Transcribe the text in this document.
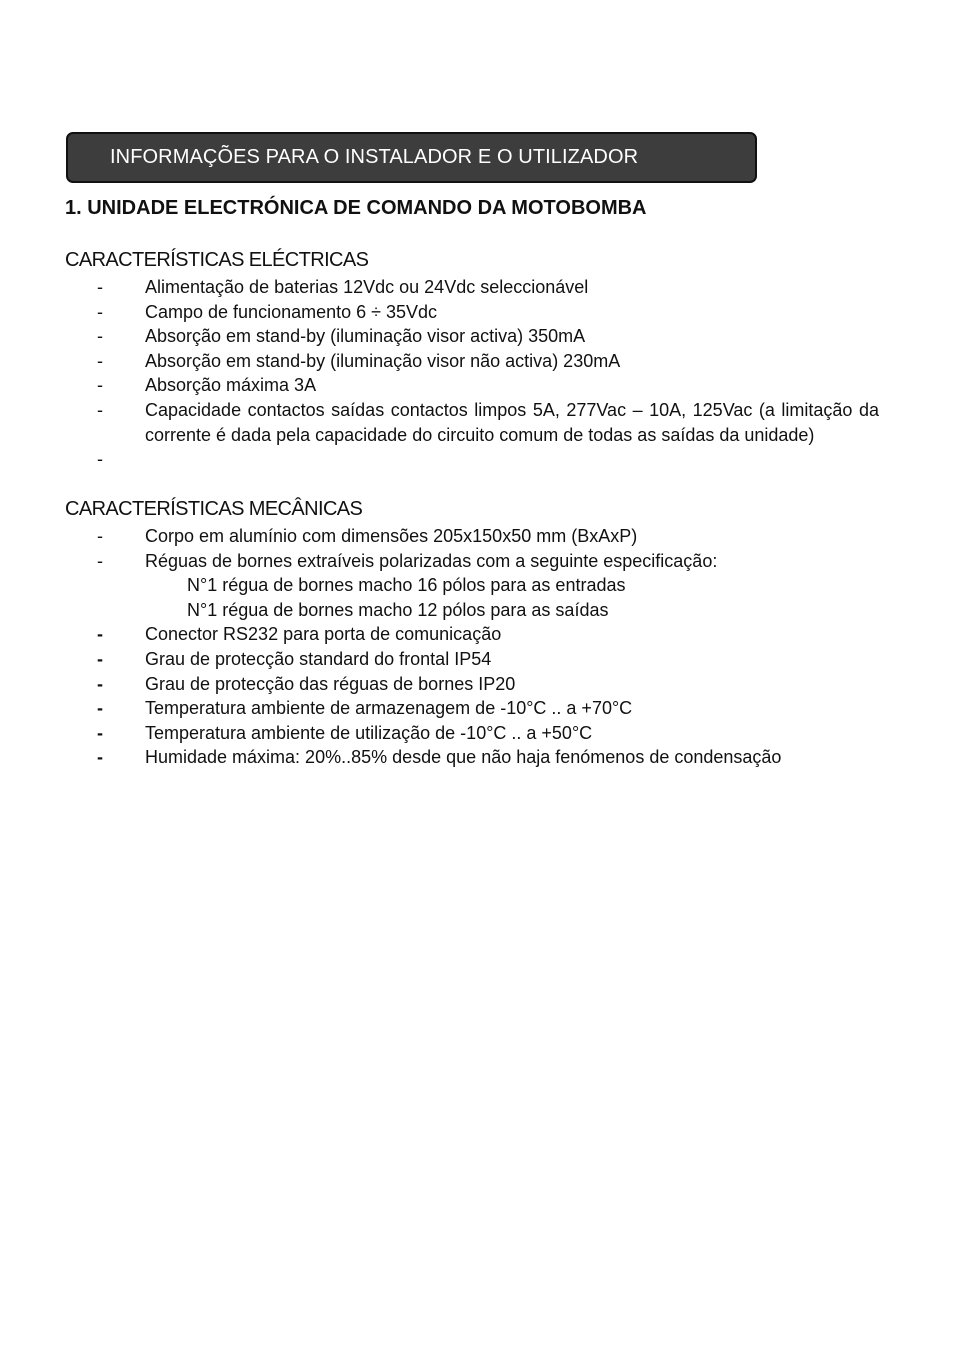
INFORMAÇÕES PARA O INSTALADOR E O UTILIZADOR
1. UNIDADE ELECTRÓNICA DE COMANDO DA MOTOBOMBA
CARACTERÍSTICAS ELÉCTRICAS
- Alimentação de baterias 12Vdc ou 24Vdc seleccionável
- Campo de funcionamento 6 ÷ 35Vdc
- Absorção em stand-by (iluminação visor activa) 350mA
- Absorção em stand-by (iluminação visor não activa) 230mA
- Absorção máxima 3A
- Capacidade contactos saídas contactos limpos 5A, 277Vac – 10A, 125Vac (a limitação da corrente é dada pela capacidade do circuito comum de todas as saídas da unidade)
-

CARACTERÍSTICAS MECÂNICAS
- Corpo em alumínio com dimensões 205x150x50 mm (BxAxP)
- Réguas de bornes extraíveis polarizadas com a seguinte especificação:
N°1 régua de bornes macho 16 pólos para as entradas
N°1 régua de bornes macho 12 pólos para as saídas
- Conector RS232 para porta de comunicação
- Grau de protecção standard do frontal IP54
- Grau de protecção das réguas de bornes IP20
- Temperatura ambiente de armazenagem de -10°C .. a +70°C
- Temperatura ambiente de utilização de -10°C .. a +50°C
- Humidade máxima: 20%..85% desde que não haja fenómenos de condensação
